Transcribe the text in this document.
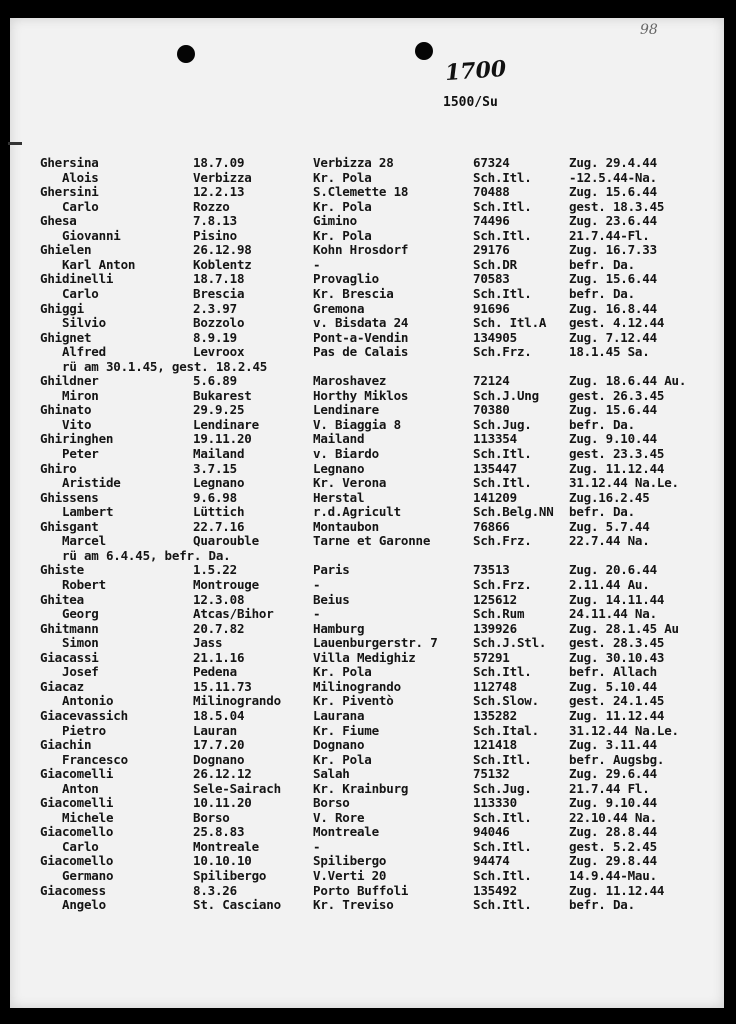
98
1700
1500/Su
Ghersina	18.7.09	Verbizza 28	67324	Zug. 29.4.44
Alois	Verbizza	Kr. Pola	Sch.Itl.	-12.5.44-Na.
Ghersini	12.2.13	S.Clemette 18	70488	Zug. 15.6.44
Carlo	Rozzo	Kr. Pola	Sch.Itl.	gest. 18.3.45
Ghesa	7.8.13	Gimino	74496	Zug. 23.6.44
Giovanni	Pisino	Kr. Pola	Sch.Itl.	21.7.44-Fl.
Ghielen	26.12.98	Kohn Hrosdorf	29176	Zug. 16.7.33
Karl Anton	Koblentz	-	Sch.DR	befr. Da.
Ghidinelli	18.7.18	Provaglio	70583	Zug. 15.6.44
Carlo	Brescia	Kr. Brescia	Sch.Itl.	befr. Da.
Ghiggi	2.3.97	Gremona	91696	Zug. 16.8.44
Silvio	Bozzolo	v. Bisdata 24	Sch. Itl.A gest. 4.12.44
Ghignet	8.9.19	Pont-a-Vendin	134905	Zug. 7.12.44
Alfred	Levroox	Pas de Calais	Sch.Frz.	18.1.45 Sa.
rü am 30.1.45, gest. 18.2.45
Ghildner	5.6.89	Maroshavez	72124	Zug. 18.6.44 Au.
Miron	Bukarest	Horthy Miklos	Sch.J.Ung gest. 26.3.45
Ghinato	29.9.25	Lendinare	70380	Zug. 15.6.44
Vito	Lendinare	V. Biaggia 8	Sch.Jug.	befr. Da.
Ghiringhen	19.11.20	Mailand	113354	Zug. 9.10.44
Peter	Mailand	v. Biardo	Sch.Itl.	gest. 23.3.45
Ghiro	3.7.15	Legnano	135447	Zug. 11.12.44
Aristide	Legnano	Kr. Verona	Sch.Itl.	31.12.44 Na.Le.
Ghissens	9.6.98	Herstal	141209	Zug.16.2.45
Lambert	Lüttich	r.d.Agricult	Sch.Belg.NN befr. Da.
Ghisgant	22.7.16	Montaubon	76866	Zug. 5.7.44
Marcel	Quarouble	Tarne et Garonne	Sch.Frz.	22.7.44 Na.
rü am 6.4.45, befr. Da.
Ghiste	1.5.22	Paris	73513	Zug. 20.6.44
Robert	Montrouge	-	Sch.Frz.	2.11.44 Au.
Ghitea	12.3.08	Beius	125612	Zug. 14.11.44
Georg	Atcas/Bihor	-	Sch.Rum	24.11.44 Na.
Ghitmann	20.7.82	Hamburg	139926	Zug. 28.1.45 Au
Simon	Jass	Lauenburgerstr. 7	Sch.J.Stl. gest. 28.3.45
Giacassi	21.1.16	Villa Medighiz	57291	Zug. 30.10.43
Josef	Pedena	Kr. Pola	Sch.Itl.	befr. Allach
Giacaz	15.11.73	Milinogrando	112748	Zug. 5.10.44
Antonio	Milinogrando	Kr. Piventò	Sch.Slow. gest. 24.1.45
Giacevassich	18.5.04	Laurana	135282	Zug. 11.12.44
Pietro	Lauran	Kr. Fiume	Sch.Ital. 31.12.44 Na.Le.
Giachin	17.7.20	Dognano	121418	Zug. 3.11.44
Francesco	Dognano	Kr. Pola	Sch.Itl.	befr. Augsbg.
Giacomelli	26.12.12	Salah	75132	Zug. 29.6.44
Anton	Sele-Sairach	Kr. Krainburg	Sch.Jug.	21.7.44 Fl.
Giacomelli	10.11.20	Borso	113330	Zug. 9.10.44
Michele	Borso	V. Rore	Sch.Itl.	22.10.44 Na.
Giacomello	25.8.83	Montreale	94046	Zug. 28.8.44
Carlo	Montreale	-	Sch.Itl.	gest. 5.2.45
Giacomello	10.10.10	Spilibergo	94474	Zug. 29.8.44
Germano	Spilibergo	V.Verti 20	Sch.Itl.	14.9.44-Mau.
Giacomess	8.3.26	Porto Buffoli	135492	Zug. 11.12.44
Angelo	St. Casciano	Kr. Treviso	Sch.Itl.	befr. Da.
